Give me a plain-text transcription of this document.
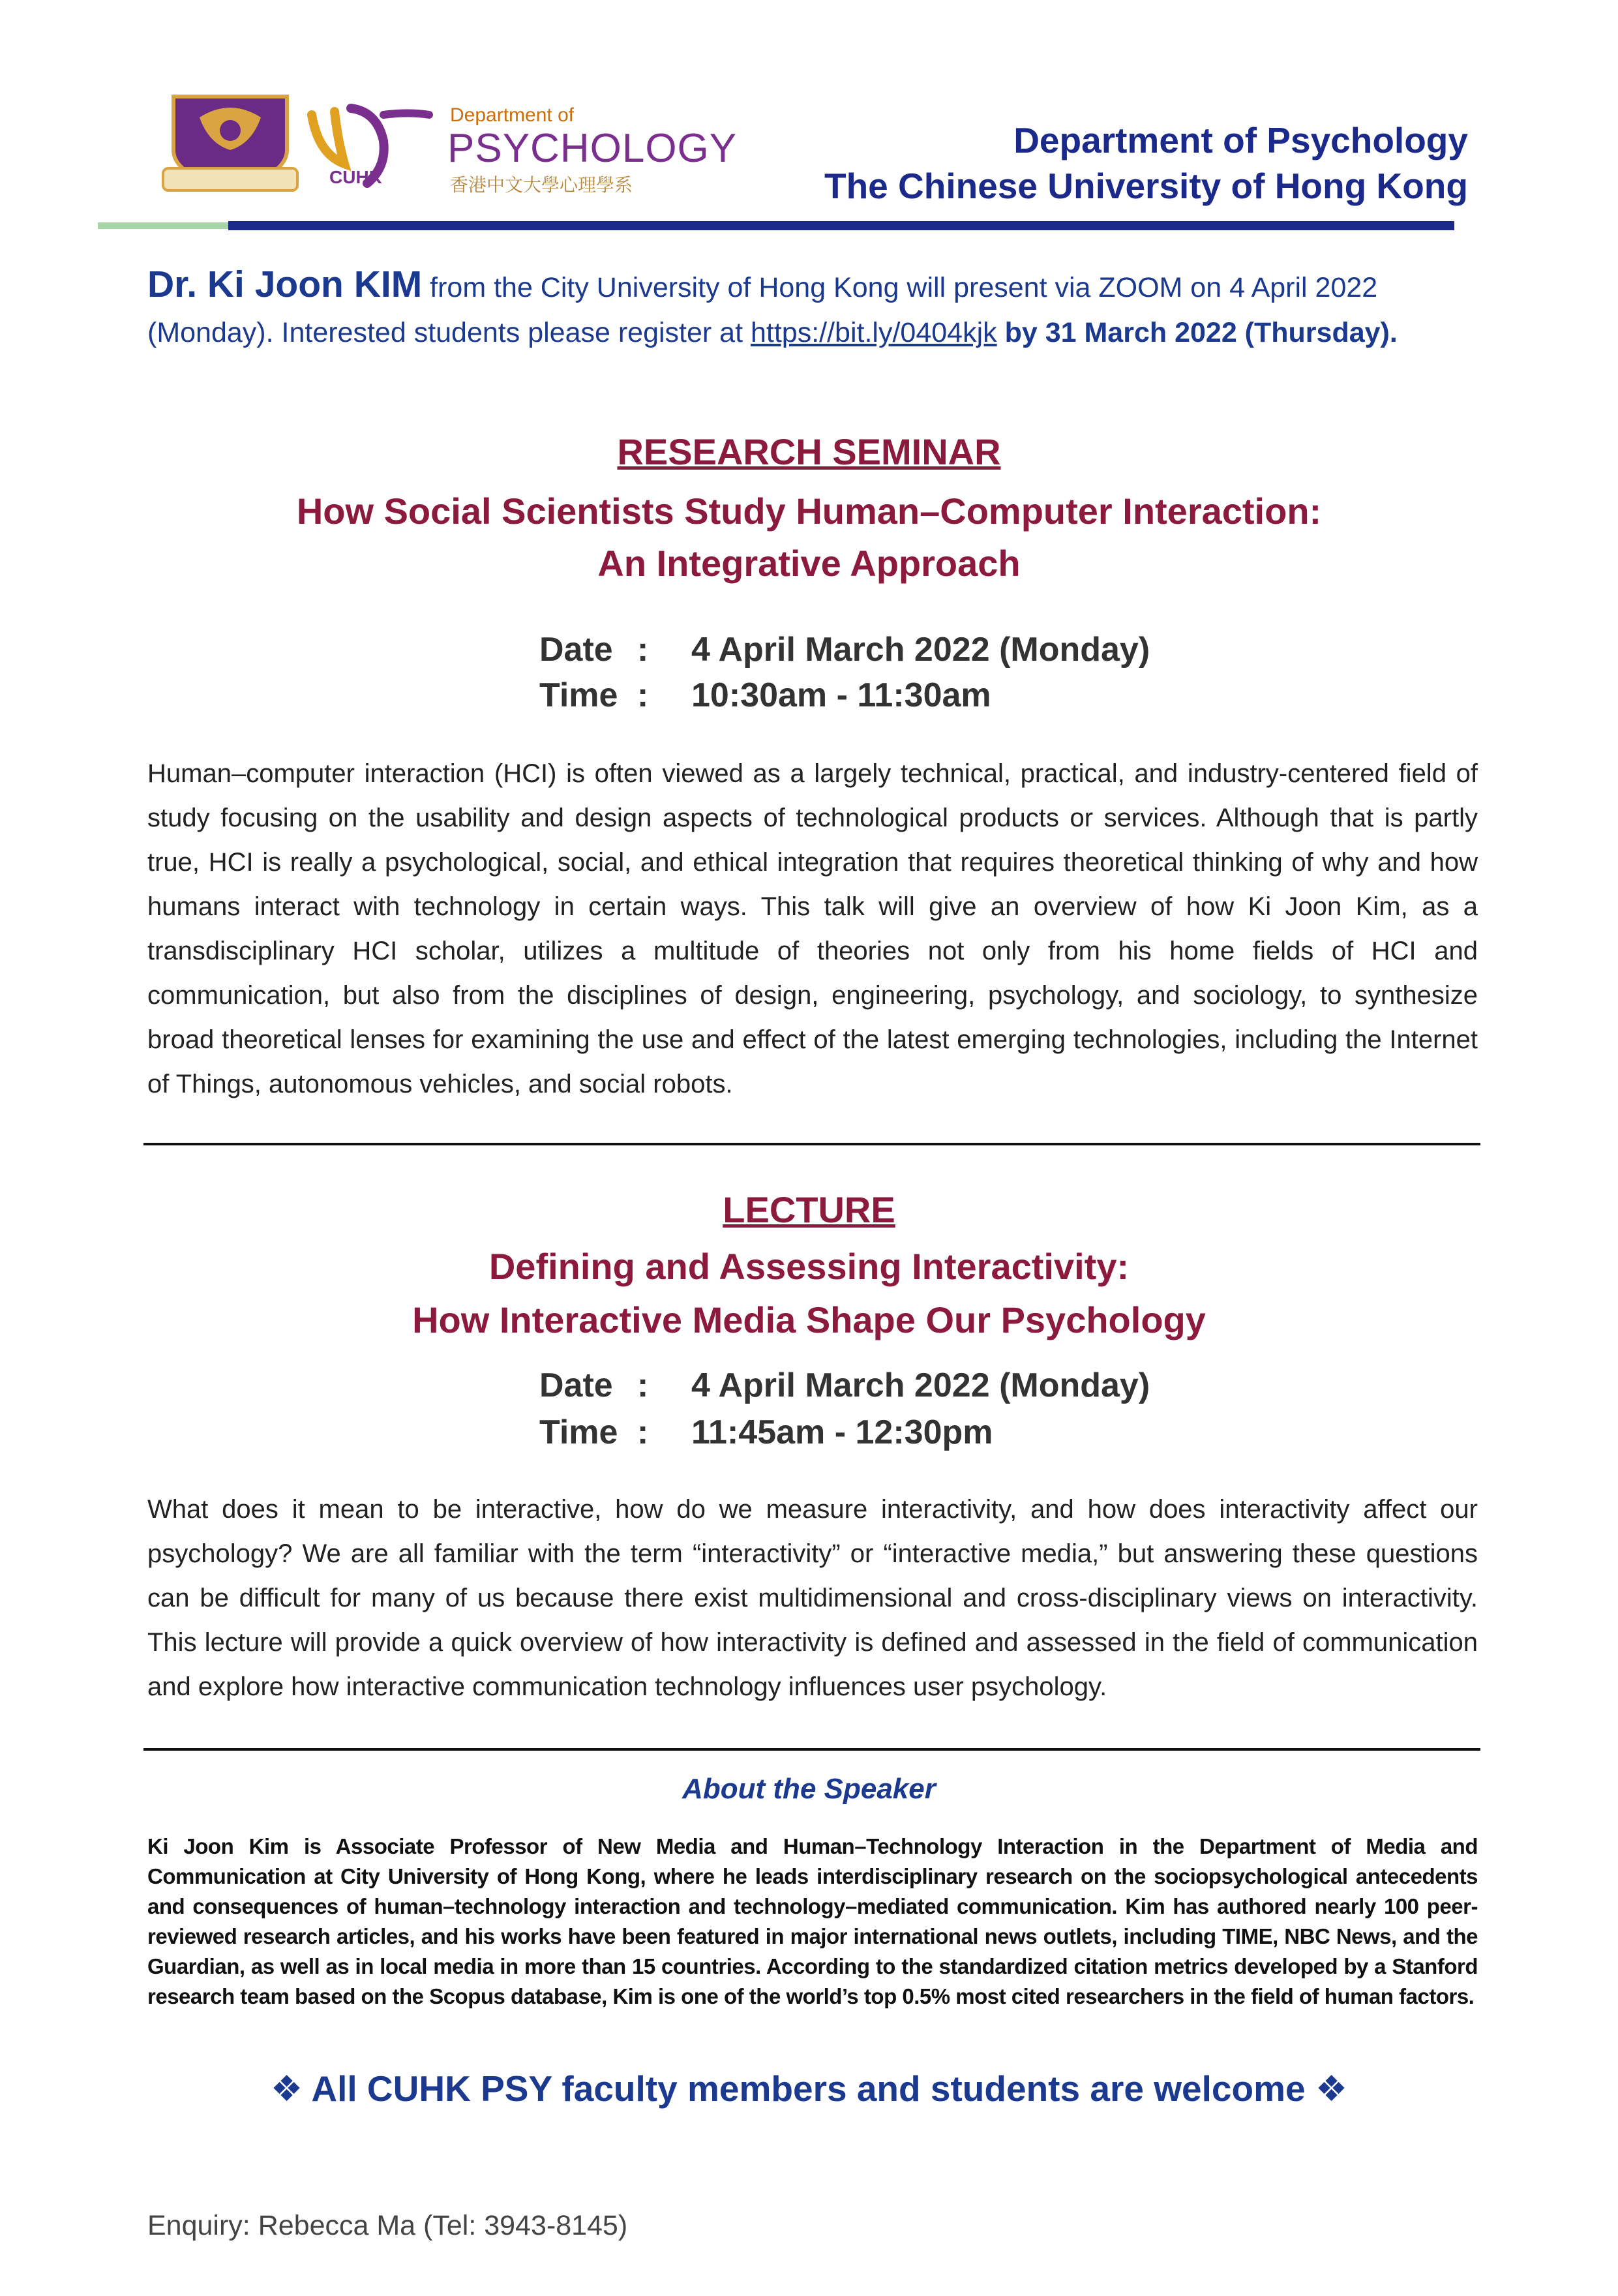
CUHK
Department of
PSYCHOLOGY
香港中文大學心理學系
Department of Psychology
The Chinese University of Hong Kong
Dr. Ki Joon KIM from the City University of Hong Kong will present via ZOOM on 4 April 2022 (Monday). Interested students please register at https://bit.ly/0404kjk by 31 March 2022 (Thursday).
RESEARCH SEMINAR
How Social Scientists Study Human–Computer Interaction:
An Integrative Approach
Date : 4 April March 2022 (Monday)
Time : 10:30am - 11:30am
Human–computer interaction (HCI) is often viewed as a largely technical, practical, and industry-centered field of study focusing on the usability and design aspects of technological products or services. Although that is partly true, HCI is really a psychological, social, and ethical integration that requires theoretical thinking of why and how humans interact with technology in certain ways. This talk will give an overview of how Ki Joon Kim, as a transdisciplinary HCI scholar, utilizes a multitude of theories not only from his home fields of HCI and communication, but also from the disciplines of design, engineering, psychology, and sociology, to synthesize broad theoretical lenses for examining the use and effect of the latest emerging technologies, including the Internet of Things, autonomous vehicles, and social robots.
LECTURE
Defining and Assessing Interactivity:
How Interactive Media Shape Our Psychology
Date : 4 April March 2022 (Monday)
Time : 11:45am - 12:30pm
What does it mean to be interactive, how do we measure interactivity, and how does interactivity affect our psychology? We are all familiar with the term “interactivity” or “interactive media,” but answering these questions can be difficult for many of us because there exist multidimensional and cross-disciplinary views on interactivity. This lecture will provide a quick overview of how interactivity is defined and assessed in the field of communication and explore how interactive communication technology influences user psychology.
About the Speaker
Ki Joon Kim is Associate Professor of New Media and Human–Technology Interaction in the Department of Media and Communication at City University of Hong Kong, where he leads interdisciplinary research on the sociopsychological antecedents and consequences of human–technology interaction and technology–mediated communication. Kim has authored nearly 100 peer-reviewed research articles, and his works have been featured in major international news outlets, including TIME, NBC News, and the Guardian, as well as in local media in more than 15 countries. According to the standardized citation metrics developed by a Stanford research team based on the Scopus database, Kim is one of the world’s top 0.5% most cited researchers in the field of human factors.
❖ All CUHK PSY faculty members and students are welcome ❖
Enquiry: Rebecca Ma (Tel: 3943-8145)
